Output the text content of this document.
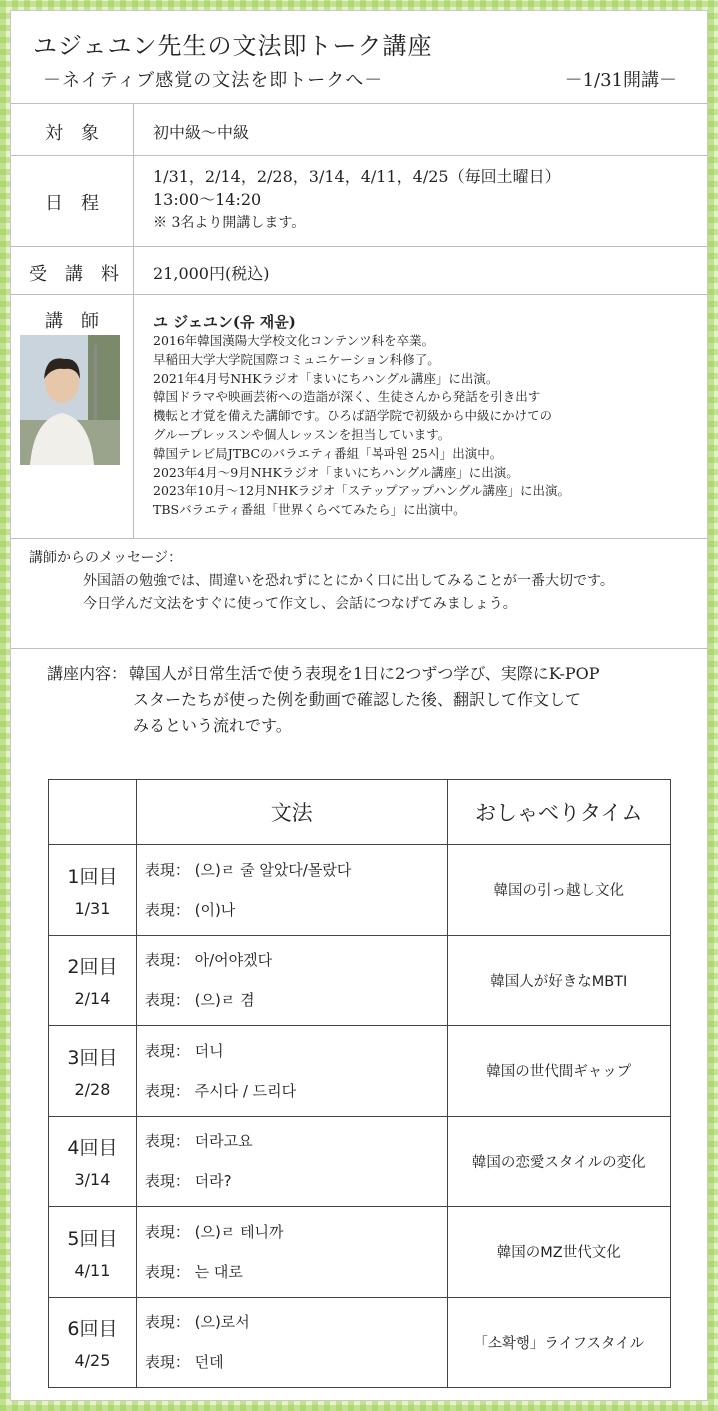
ユジェユン先生の文法即トーク講座
－ネイティブ感覚の文法を即トークへ－	－1/31開講－
対象	初中級～中級
日程
1/31，2/14，2/28，3/14，4/11，4/25（毎回土曜日）
13:00～14:20
※ 3名より開講します。
受講料 21,000円(税込)
講師	ユ ジェユン(유 재윤)
2016年韓国漢陽大学校文化コンテンツ科を卒業。
早稲田大学大学院国際コミュニケーション科修了。
2021年4月号NHKラジオ「まいにちハングル講座」に出演。
韓国ドラマや映画芸術への造詣が深く、生徒さんから発話を引き出す
機転と才覚を備えた講師です。ひろば語学院で初級から中級にかけての
グループレッスンや個人レッスンを担当しています。
韓国テレビ局JTBCのバラエティ番組「복파원 25시」出演中。
2023年4月～9月NHKラジオ「まいにちハングル講座」に出演。
2023年10月～12月NHKラジオ「ステップアップハングル講座」に出演。
TBSバラエティ番組「世界くらべてみたら」に出演中。
講師からのメッセージ：
外国語の勉強では、間違いを恐れずにとにかく口に出してみることが一番大切です。
今日学んだ文法をすぐに使って作文し、会話につなげてみましょう。
講座内容： 韓国人が日常生活で使う表現を1日に2つずつ学び、実際にK-POP
スターたちが使った例を動画で確認した後、翻訳して作文して
みるという流れです。
	文法	おしゃべりタイム

1回目
1/31	表現： (으)ㄹ 줄 알았다/몰랐다
表現： (이)나	韓国の引っ越し文化

2回目
2/14	表現： 아/어야겠다
表現： (으)ㄹ 겸	韓国人が好きなMBTI

3回目
2/28	表現： 더니
表現： 주시다 / 드리다	韓国の世代間ギャップ

4回目
3/14	表現： 더라고요
表現： 더라?	韓国の恋愛スタイルの変化

5回目
4/11	表現： (으)ㄹ 테니까
表現： 는 대로	韓国のMZ世代文化

6回目
4/25	表現： (으)로서
表現： 던데	「소확행」ライフスタイル
